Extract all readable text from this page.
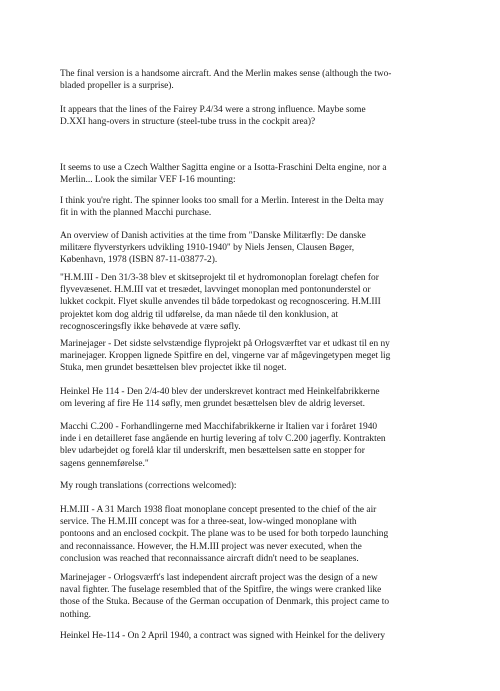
The final version is a handsome aircraft. And the Merlin makes sense (although the two-
bladed propeller is a surprise).
It appears that the lines of the Fairey P.4/34 were a strong influence. Maybe some
D.XXI hang-overs in structure (steel-tube truss in the cockpit area)?
It seems to use a Czech Walther Sagitta engine or a Isotta-Fraschini Delta engine, nor a
Merlin... Look the similar VEF I-16 mounting:
I think you're right. The spinner looks too small for a Merlin. Interest in the Delta may
fit in with the planned Macchi purchase.
An overview of Danish activities at the time from "Danske Militærfly: De danske
militære flyverstyrkers udvikling 1910-1940" by Niels Jensen, Clausen Bøger,
København, 1978 (ISBN 87-11-03877-2).
"H.M.III - Den 31/3-38 blev et skitseprojekt til et hydromonoplan forelagt chefen for
flyvevæsenet. H.M.III vat et tresædet, lavvinget monoplan med pontonunderstel or
lukket cockpit. Flyet skulle anvendes til både torpedokast og recognoscering. H.M.III
projektet kom dog aldrig til udførelse, da man nåede til den konklusion, at
recognosceringsfly ikke behøvede at være søfly.
Marinejager - Det sidste selvstændige flyprojekt på Orlogsværftet var et udkast til en ny
marinejager. Kroppen lignede Spitfire en del, vingerne var af mågevingetypen meget lig
Stuka, men grundet besættelsen blev projectet ikke til noget.
Heinkel He 114 - Den 2/4-40 blev der underskrevet kontract med Heinkelfabrikkerne
om levering af fire He 114 søfly, men grundet besættelsen blev de aldrig leverset.
Macchi C.200 - Forhandlingerne med Macchifabrikkerne ir Italien var i foråret 1940
inde i en detailleret fase angående en hurtig levering af tolv C.200 jagerfly. Kontrakten
blev udarbejdet og forelå klar til underskrift, men besættelsen satte en stopper for
sagens gennemførelse."
My rough translations (corrections welcomed):
H.M.III - A 31 March 1938 float monoplane concept presented to the chief of the air
service. The H.M.III concept was for a three-seat, low-winged monoplane with
pontoons and an enclosed cockpit. The plane was to be used for both torpedo launching
and reconnaissance. However, the H.M.III project was never executed, when the
conclusion was reached that reconnaissance aircraft didn't need to be seaplanes.
Marinejager - Orlogsværft's last independent aircraft project was the design of a new
naval fighter. The fuselage resembled that of the Spitfire, the wings were cranked like
those of the Stuka. Because of the German occupation of Denmark, this project came to
nothing.
Heinkel He-114 - On 2 April 1940, a contract was signed with Heinkel for the delivery
